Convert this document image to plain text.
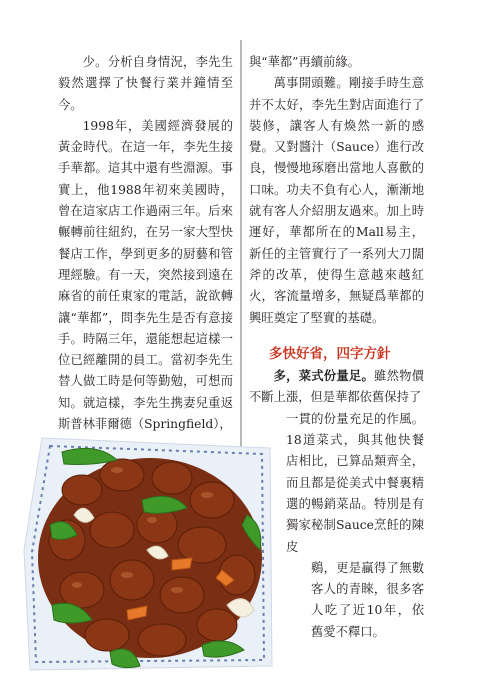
少。分析自身情況，李先生毅然選擇了快餐行業并鐘情至今。

1998年，美國經濟發展的黃金時代。在這一年，李先生接手華都。這其中還有些淵源。事實上，他1988年初來美國時，曾在這家店工作過兩三年。后來輾轉前往紐約，在另一家大型快餐店工作，學到更多的厨藝和管理經驗。有一天，突然接到遠在麻省的前任東家的電話，說欲轉讓“華都”，問李先生是否有意接手。時隔三年，還能想起這樣一位已經離開的員工。當初李先生替人做工時是何等勤勉，可想而知。就這樣，李先生携妻兒重返斯普林菲爾德（Springfield），

與“華都”再續前緣。

萬事開頭難。剛接手時生意并不太好，李先生對店面進行了裝修，讓客人有煥然一新的感覺。又對醬汁（Sauce）進行改良，慢慢地琢磨出當地人喜歡的口味。功夫不負有心人，漸漸地就有客人介紹朋友過來。加上時運好，華都所在的Mall易主，新任的主管實行了一系列大刀闊斧的改革，使得生意越來越紅火，客流量增多，無疑爲華都的興旺奠定了堅實的基礎。

多快好省，四字方針

多，菜式份量足。雖然物價不斷上漲，但是華都依舊保持了

一貫的份量充足的作風。18道菜式，與其他快餐店相比，已算品類齊全，而且都是從美式中餐裏精選的暢銷菜品。特別是有獨家秘制Sauce烹飪的陳皮

鷄，更是贏得了無數客人的青睞，很多客人吃了近10年，依舊愛不釋口。
